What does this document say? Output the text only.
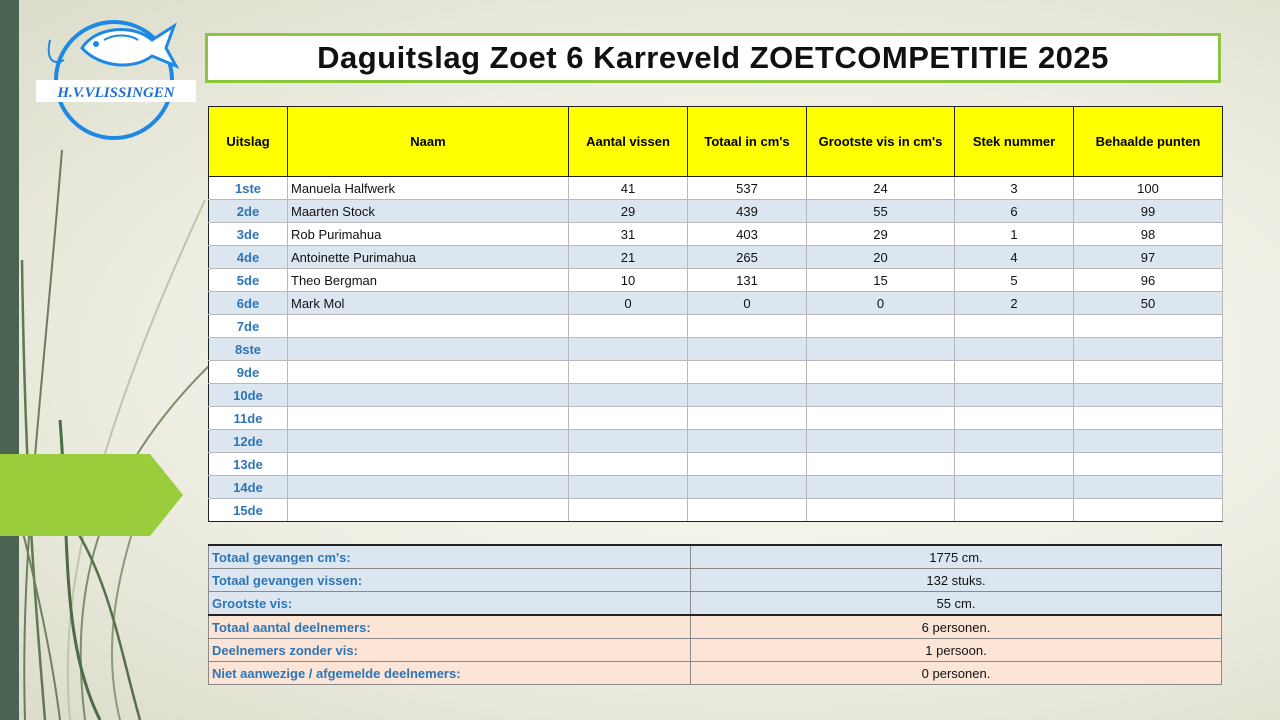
H.V.VLISSINGEN
Daguitslag Zoet 6 Karreveld ZOETCOMPETITIE 2025
Uitslag	Naam	Aantal vissen	Totaal in cm's	Grootste vis in cm's	Stek nummer	Behaalde punten
1ste	Manuela Halfwerk	41	537	24	3	100
2de	Maarten Stock	29	439	55	6	99
3de	Rob Purimahua	31	403	29	1	98
4de	Antoinette Purimahua	21	265	20	4	97
5de	Theo Bergman	10	131	15	5	96
6de	Mark Mol	0	0	0	2	50
7de						
8ste						
9de						
10de						
11de						
12de						
13de						
14de						
15de						
Totaal gevangen cm's:	1775 cm.
Totaal gevangen vissen:	132 stuks.
Grootste vis:	55 cm.
Totaal aantal deelnemers:	6 personen.
Deelnemers zonder vis:	1 persoon.
Niet aanwezige / afgemelde deelnemers:	0 personen.
